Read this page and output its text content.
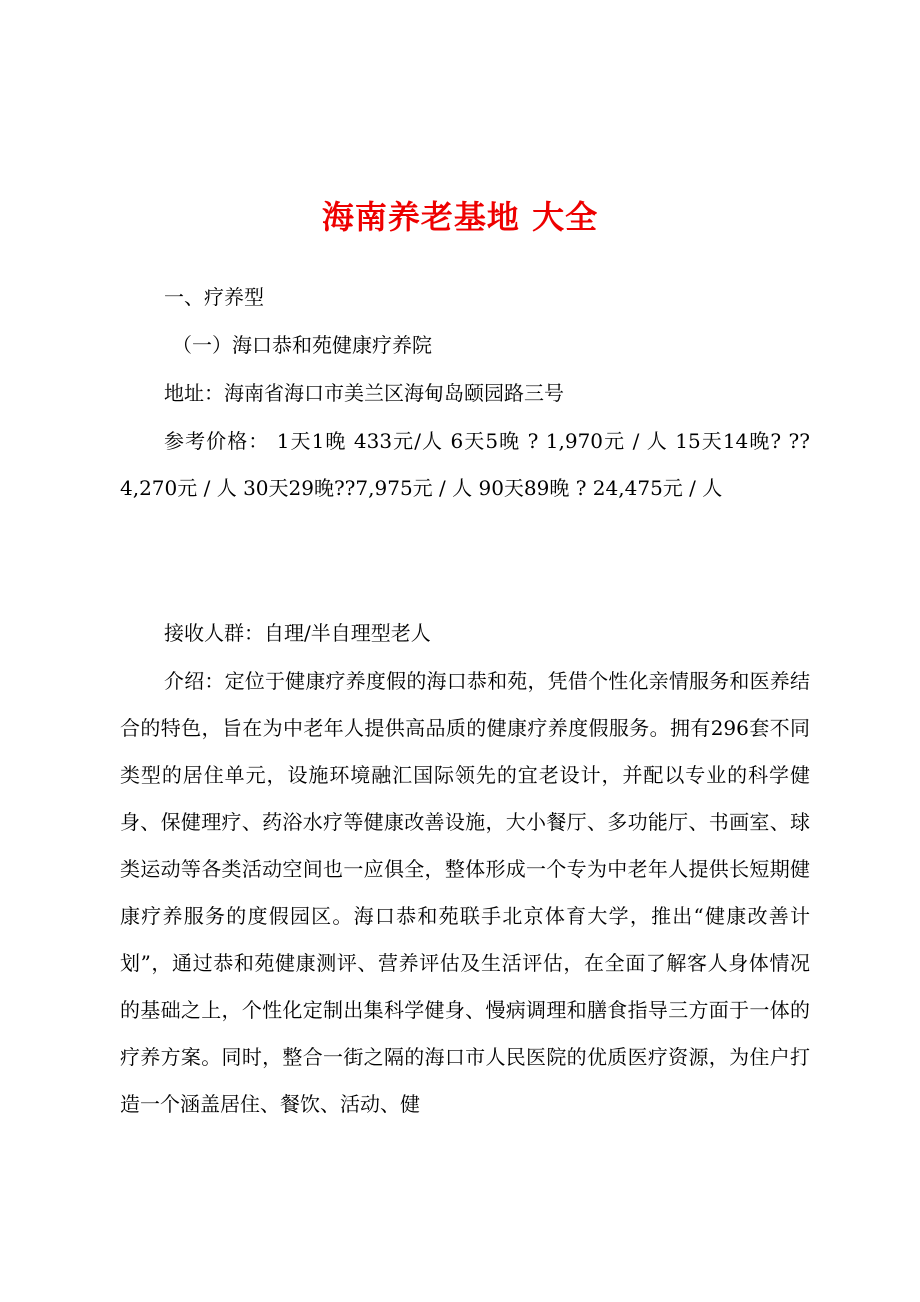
海南养老基地 大全

一、疗养型

（一）海口恭和苑健康疗养院

地址：海南省海口市美兰区海甸岛颐园路三号

参考价格： 1天1晚 433元/人 6天5晚 ? 1,970元 / 人 15天14晚? ??4,270元 / 人 30天29晚??7,975元 / 人 90天89晚 ? 24,475元 / 人

接收人群：自理/半自理型老人

介绍：定位于健康疗养度假的海口恭和苑，凭借个性化亲情服务和医养结合的特色，旨在为中老年人提供高品质的健康疗养度假服务。拥有296套不同类型的居住单元，设施环境融汇国际领先的宜老设计，并配以专业的科学健身、保健理疗、药浴水疗等健康改善设施，大小餐厅、多功能厅、书画室、球类运动等各类活动空间也一应俱全，整体形成一个专为中老年人提供长短期健康疗养服务的度假园区。海口恭和苑联手北京体育大学，推出“健康改善计划”，通过恭和苑健康测评、营养评估及生活评估，在全面了解客人身体情况的基础之上，个性化定制出集科学健身、慢病调理和膳食指导三方面于一体的疗养方案。同时，整合一街之隔的海口市人民医院的优质医疗资源，为住户打造一个涵盖居住、餐饮、活动、健
